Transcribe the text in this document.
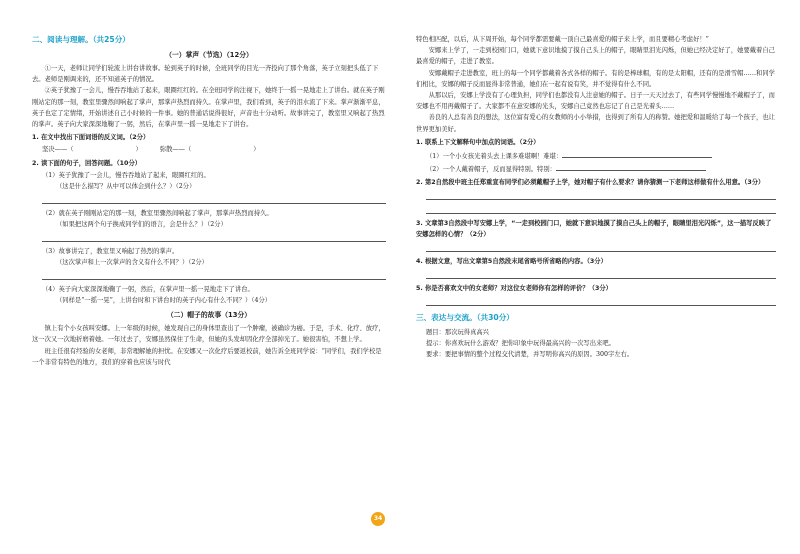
二、阅读与理解。（共25分）
（一）掌声（节选）（12分）

①一天，老师让同学们轮流上讲台讲故事。轮到英子的时候，全班同学的目光一齐投向了那个角落，英子立刻把头低了下去。老师是刚调来的，还不知道英子的情况。

②英子犹豫了一会儿，慢吞吞地站了起来，眼圈红红的。在全班同学的注视下，她终于一摇一晃地走上了讲台。就在英子刚刚站定的那一刻，教室里骤然间响起了掌声，那掌声热烈而持久。在掌声里，我们看到，英子的泪水流了下来。掌声渐渐平息，英子也定了定情绪，开始讲述自己小时候的一件事。她的普通话说得很好，声音也十分动听。故事讲完了，教室里又响起了热烈的掌声。英子向大家深深地鞠了一躬，然后，在掌声里一摇一晃地走下了讲台。

1. 在文中找出下面词语的反义词。（2分）
坚决——（	）	弥散——（	）
2. 读下面的句子，回答问题。（10分）
（1）英子犹豫了一会儿，慢吞吞地站了起来，眼圈红红的。
（这是什么描写？从中可以体会到什么？）（2分）
（2）就在英子刚刚站定的那一刻，教室里骤然间响起了掌声，那掌声热烈而持久。
（如果把这两个句子换成同学们的语言，会是什么？）（2分）
（3）故事讲完了，教室里又响起了热烈的掌声。
（这次掌声和上一次掌声的含义有什么不同？）（2分）
（4）英子向大家深深地鞠了一躬，然后，在掌声里一摇一晃地走下了讲台。
（同样是“一摇一晃”，上讲台时和下讲台时的英子内心有什么不同？）（4分）
（二）帽子的故事（13分）

镇上有个小女孩叫安娜。上一年级的时候，她发现自己的身体里查出了一个肿瘤，被确诊为癌。于是，手术、化疗、放疗，这一次又一次地折磨着她。一年过去了，安娜虽然保住了生命，但她的头发却因化疗全部掉光了。她很害怕，不想上学。

班主任很有经验的女老师，非常理解她的担忧。在安娜又一次化疗后要返校前，她告诉全班同学说：“同学们，我们学校是一个非常有特色的地方，我们的穿着也应该与时代

34

特色相匹配，以后，从下周开始，每个同学都需要戴一顶自己最喜爱的帽子来上学，而且要精心考虑好！”

安娜来上学了，一走到校园门口，她就下意识地摸了摸自己头上的帽子，眼睛里泪光闪烁，但她已经决定好了，她要戴着自己最喜爱的帽子，走进了教室。

安娜戴帽子走进教室，班上的每一个同学都戴着各式各样的帽子。有的是棒球帽，有的是太阳帽，还有的是滑雪帽……和同学们相比，安娜的帽子反而显得非常普通，她们在一起有说有笑，并不觉得有什么不同。

从那以后，安娜上学没有了心理负担，同学们也都没有人注意她的帽子。日子一天天过去了，有些同学慢慢地不戴帽子了，而安娜也不用再戴帽子了。大家都不在意安娜的光头，安娜自己竟然也忘记了自己是光着头……

善良的人总有善良的想法，这位富有爱心的女教师的小小举措，也得到了所有人的称赞。她把爱和温暖给了每一个孩子，也让世界更加美好。

1. 联系上下文解释句中加点的词语。（2分）
（1）一个小女孩光着头去上课多难堪啊！难堪：
（2）一个人戴着帽子，反而显得特别。特别：
2. 第2自然段中班主任郑重宣布同学们必须戴帽子上学，她对帽子有什么要求？请你猜测一下老师这样做有什么用意。（3分）
3. 文章第3自然段中写安娜上学，“一走到校园门口，她就下意识地摸了摸自己头上的帽子，眼睛里泪光闪烁”，这一描写反映了安娜怎样的心情？（2分）
4. 根据文意，写出文章第5自然段末尾省略号所省略的内容。（3分）
5. 你是否喜欢文中的女老师？对这位女老师你有怎样的评价？（3分）
三、表达与交流。（共30分）
题目：那次玩得真高兴
提示：你喜欢玩什么游戏？把你印象中玩得最高兴的一次写出来吧。
要求：要把事情的整个过程交代清楚，并写明你高兴的原因。300字左右。
